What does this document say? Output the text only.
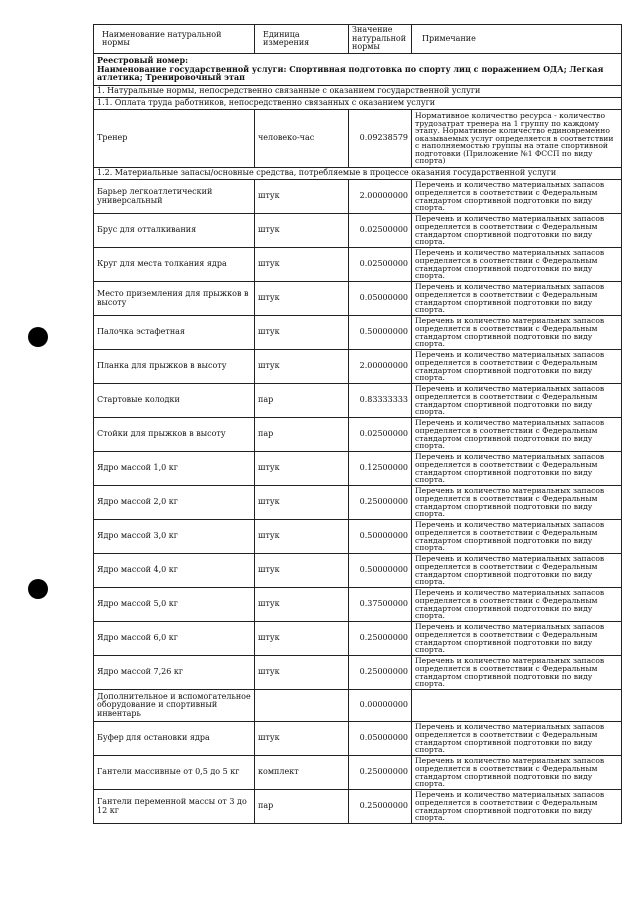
Наименование натуральной нормы	Единица измерения	Значение натуральной нормы	Примечание

Реестровый номер:
Наименование государственной услуги: Спортивная подготовка по спорту лиц с поражением ОДА; Легкая атлетика; Тренировочный этап			

1. Натуральные нормы, непосредственно связанные с оказанием государственной услуги			
1.1. Оплата труда работников, непосредственно связанных с оказанием услуги			
Тренер	человеко-час	0.09238579	Нормативное количество ресурса - количество трудозатрат тренера на 1 группу по каждому этапу. Нормативное количество единовременно оказываемых услуг определяется в соответствии с наполняемостью группы на этапе спортивной подготовки (Приложение №1 ФССП по виду спорта)
1.2. Материальные запасы/основные средства, потребляемые в процессе оказания государственной услуги			
Барьер легкоатлетический универсальный	штук	2.00000000	Перечень и количество материальных запасов определяется в соответствии с Федеральным стандартом спортивной подготовки по виду спорта.
Брус для отталкивания	штук	0.02500000	Перечень и количество материальных запасов определяется в соответствии с Федеральным стандартом спортивной подготовки по виду спорта.
Круг для места толкания ядра	штук	0.02500000	Перечень и количество материальных запасов определяется в соответствии с Федеральным стандартом спортивной подготовки по виду спорта.
Место приземления для прыжков в высоту	штук	0.05000000	Перечень и количество материальных запасов определяется в соответствии с Федеральным стандартом спортивной подготовки по виду спорта.
Палочка эстафетная	штук	0.50000000	Перечень и количество материальных запасов определяется в соответствии с Федеральным стандартом спортивной подготовки по виду спорта.
Планка для прыжков в высоту	штук	2.00000000	Перечень и количество материальных запасов определяется в соответствии с Федеральным стандартом спортивной подготовки по виду спорта.
Стартовые колодки	пар	0.83333333	Перечень и количество материальных запасов определяется в соответствии с Федеральным стандартом спортивной подготовки по виду спорта.
Стойки для прыжков в высоту	пар	0.02500000	Перечень и количество материальных запасов определяется в соответствии с Федеральным стандартом спортивной подготовки по виду спорта.
Ядро массой 1,0 кг	штук	0.12500000	Перечень и количество материальных запасов определяется в соответствии с Федеральным стандартом спортивной подготовки по виду спорта.
Ядро массой 2,0 кг	штук	0.25000000	Перечень и количество материальных запасов определяется в соответствии с Федеральным стандартом спортивной подготовки по виду спорта.
Ядро массой 3,0 кг	штук	0.50000000	Перечень и количество материальных запасов определяется в соответствии с Федеральным стандартом спортивной подготовки по виду спорта.
Ядро массой 4,0 кг	штук	0.50000000	Перечень и количество материальных запасов определяется в соответствии с Федеральным стандартом спортивной подготовки по виду спорта.
Ядро массой 5,0 кг	штук	0.37500000	Перечень и количество материальных запасов определяется в соответствии с Федеральным стандартом спортивной подготовки по виду спорта.
Ядро массой 6,0 кг	штук	0.25000000	Перечень и количество материальных запасов определяется в соответствии с Федеральным стандартом спортивной подготовки по виду спорта.
Ядро массой 7,26 кг	штук	0.25000000	Перечень и количество материальных запасов определяется в соответствии с Федеральным стандартом спортивной подготовки по виду спорта.
Дополнительное и вспомогательное оборудование и спортивный инвентарь		0.00000000	
Буфер для остановки ядра	штук	0.05000000	Перечень и количество материальных запасов определяется в соответствии с Федеральным стандартом спортивной подготовки по виду спорта.
Гантели массивные от 0,5 до 5 кг	комплект	0.25000000	Перечень и количество материальных запасов определяется в соответствии с Федеральным стандартом спортивной подготовки по виду спорта.
Гантели переменной массы от 3 до 12 кг	пар	0.25000000	Перечень и количество материальных запасов определяется в соответствии с Федеральным стандартом спортивной подготовки по виду спорта.
